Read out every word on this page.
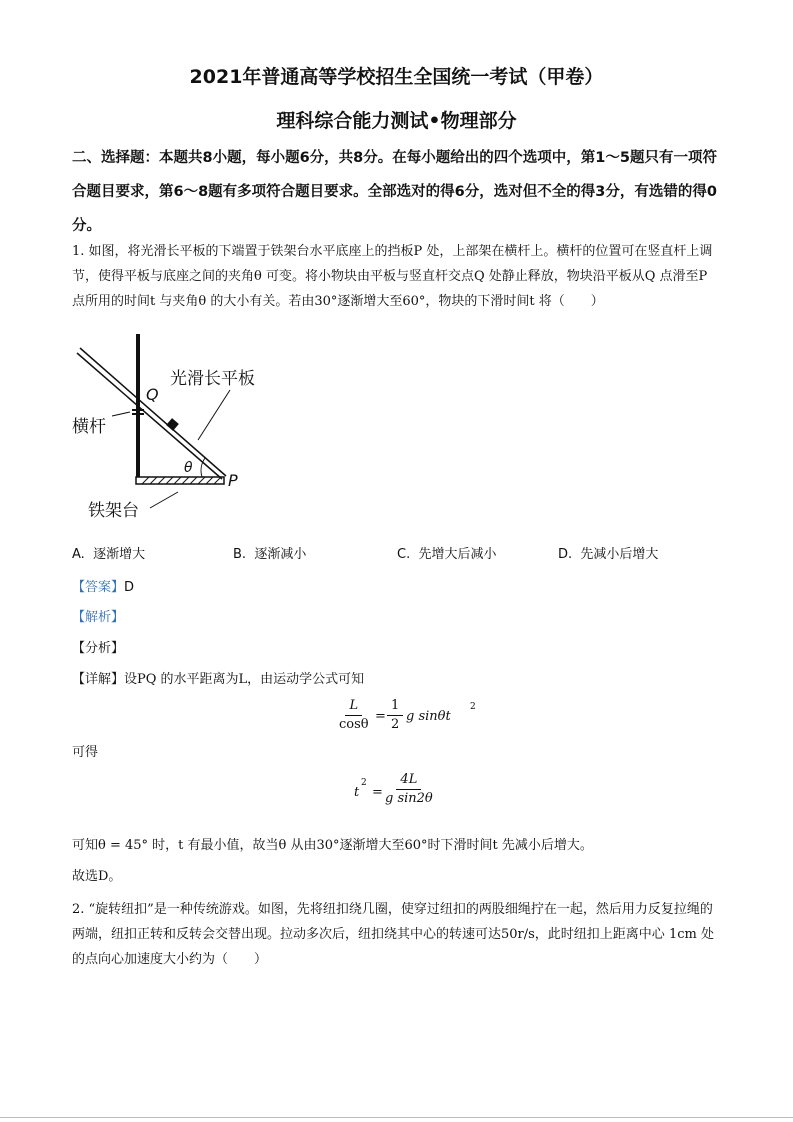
2021年普通高等学校招生全国统一考试（甲卷）
理科综合能力测试•物理部分
二、选择题：本题共8小题，每小题6分，共8分。在每小题给出的四个选项中，第1～5题只有一项符合题目要求，第6～8题有多项符合题目要求。全部选对的得6分，选对但不全的得3分，有选错的得0分。
1. 如图，将光滑长平板的下端置于铁架台水平底座上的挡板P 处，上部架在横杆上。横杆的位置可在竖直杆上调节，使得平板与底座之间的夹角θ 可变。将小物块由平板与竖直杆交点Q 处静止释放，物块沿平板从Q 点滑至P 点所用的时间t 与夹角θ 的大小有关。若由30°逐渐增大至60°，物块的下滑时间t 将（　　）
光滑长平板
横杆
铁架台
Q
P
θ
A. 逐渐增大	B. 逐渐减小	C. 先增大后减小	D. 先减小后增大
【答案】D
【解析】
【分析】
【详解】设PQ 的水平距离为L，由运动学公式可知
$\frac{L}{\cos\theta} = \frac{1}{2}$ g sinθt
2
可得
t
2
=
$\frac{4L}{\text{g sin2θ}}$
可知θ = 45° 时，t 有最小值，故当θ 从由30°逐渐增大至60°时下滑时间t 先减小后增大。
故选D。
2. “旋转纽扣”是一种传统游戏。如图，先将纽扣绕几圈，使穿过纽扣的两股细绳拧在一起，然后用力反复拉绳的两端，纽扣正转和反转会交替出现。拉动多次后，纽扣绕其中心的转速可达50r/s，此时纽扣上距离中心 1cm 处的点向心加速度大小约为（　　）
